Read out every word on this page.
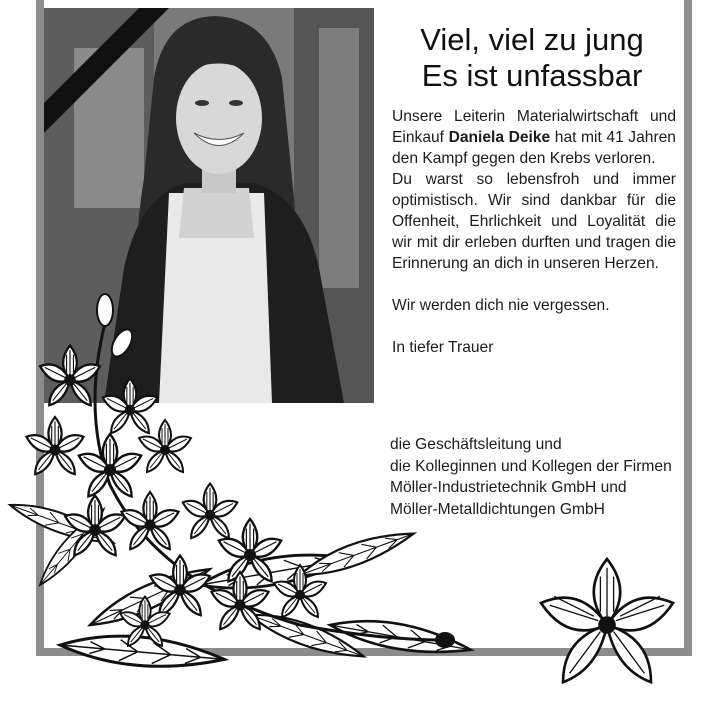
Viel, viel zu jung
Es ist unfassbar
Unsere Leiterin Materialwirtschaft und Einkauf Daniela Deike hat mit 41 Jahren den Kampf gegen den Krebs verloren.
Du warst so lebensfroh und immer optimistisch. Wir sind dankbar für die Offenheit, Ehrlichkeit und Loyalität die wir mit dir erleben durften und tragen die Erinnerung an dich in unseren Herzen.
Wir werden dich nie vergessen.
In tiefer Trauer
die Geschäftsleitung und
die Kolleginnen und Kollegen der Firmen
Möller-Industrietechnik GmbH und
Möller-Metalldichtungen GmbH
